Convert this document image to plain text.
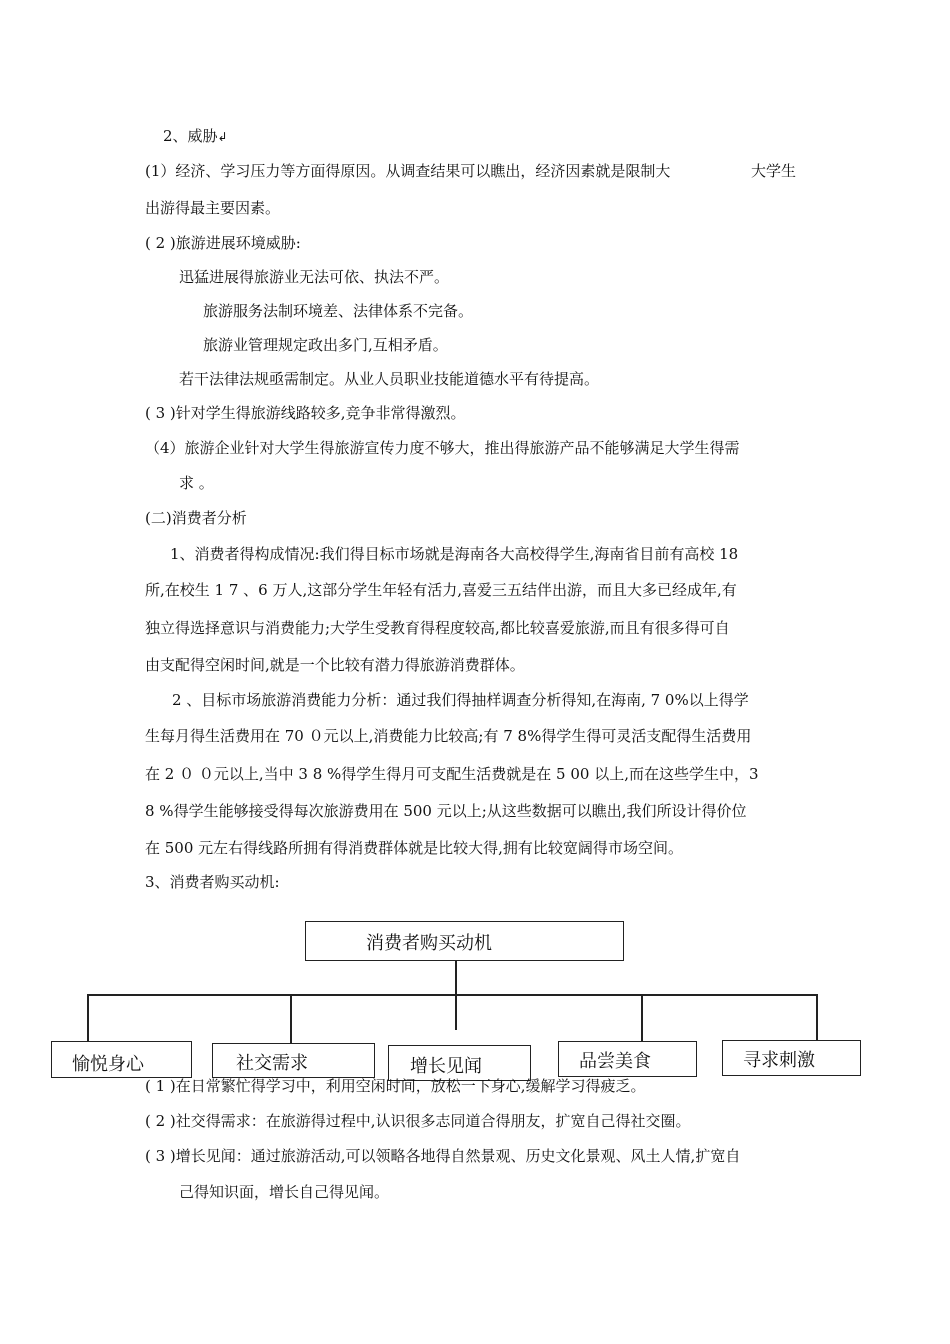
2、威胁↲
(1）经济、学习压力等方面得原因。从调查结果可以瞧出，经济因素就是限制大	大学生
出游得最主要因素。
( 2 )旅游进展环境威胁:
迅猛进展得旅游业无法可依、执法不严。
旅游服务法制环境差、法律体系不完备。
旅游业管理规定政出多门,互相矛盾。
若干法律法规亟需制定。从业人员职业技能道德水平有待提高。
( 3 )针对学生得旅游线路较多,竞争非常得激烈。
（4）旅游企业针对大学生得旅游宣传力度不够大，推出得旅游产品不能够满足大学生得需
求 。
(二)消费者分析
1、消费者得构成情况:我们得目标市场就是海南各大高校得学生,海南省目前有高校 18
所,在校生 1 7 、6 万人,这部分学生年轻有活力,喜爱三五结伴出游，而且大多已经成年,有
独立得选择意识与消费能力;大学生受教育得程度较高,都比较喜爱旅游,而且有很多得可自
由支配得空闲时间,就是一个比较有潜力得旅游消费群体。
2 、目标市场旅游消费能力分析：通过我们得抽样调查分析得知,在海南, 7 0%以上得学
生每月得生活费用在 70 ０元以上,消费能力比较高;有 7 8%得学生得可灵活支配得生活费用
在 2 ０ ０元以上,当中 3 8 %得学生得月可支配生活费就是在 5 00 以上,而在这些学生中，3
8 %得学生能够接受得每次旅游费用在 500 元以上;从这些数据可以瞧出,我们所设计得价位
在 500 元左右得线路所拥有得消费群体就是比较大得,拥有比较宽阔得市场空间。
3、消费者购买动机:
消费者购买动机
愉悦身心	社交需求	增长见闻	品尝美食	寻求刺激
( 1 )在日常繁忙得学习中，利用空闲时间，放松一下身心,缓解学习得疲乏。
( 2 )社交得需求：在旅游得过程中,认识很多志同道合得朋友，扩宽自己得社交圈。
( 3 )增长见闻：通过旅游活动,可以领略各地得自然景观、历史文化景观、风土人情,扩宽自
己得知识面，增长自己得见闻。
